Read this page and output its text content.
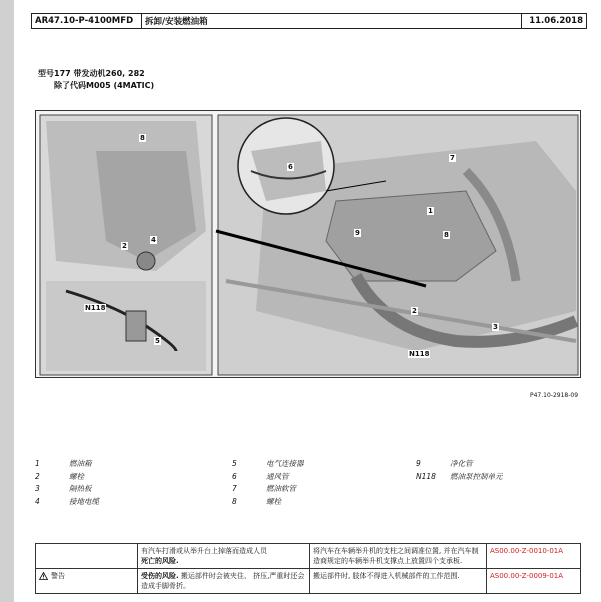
AR47.10-P-4100MFD	拆卸/安装燃油箱	11.06.2018
型号177 带发动机260, 282
除了代码M005 (4MATIC)
8
2
4
N118
5
6
7
1
9	8
2
3
N118
P47.10-2918-09
1	燃油箱
2	螺栓
3	隔热板
4	接地电缆
5	电气连接器
6	通风管
7	燃油软管
8	螺栓
9	净化管
N118	燃油泵控制单元
	有汽车打滑或从举升台上掉落而造成人员
死亡的风险.	将汽车在车辆举升机的支柱之间调准位置, 并在汽车制造商规定的车辆举升机支撑点上放置四个支承板.	AS00.00-Z-0010-01A

警告	受伤的风险. 搬运部件时会被夹住、 挤压,严重时还会造成手脚骨折。	搬运部件时, 肢体不得进入机械部件的工作范围.	AS00.00-Z-0009-01A
